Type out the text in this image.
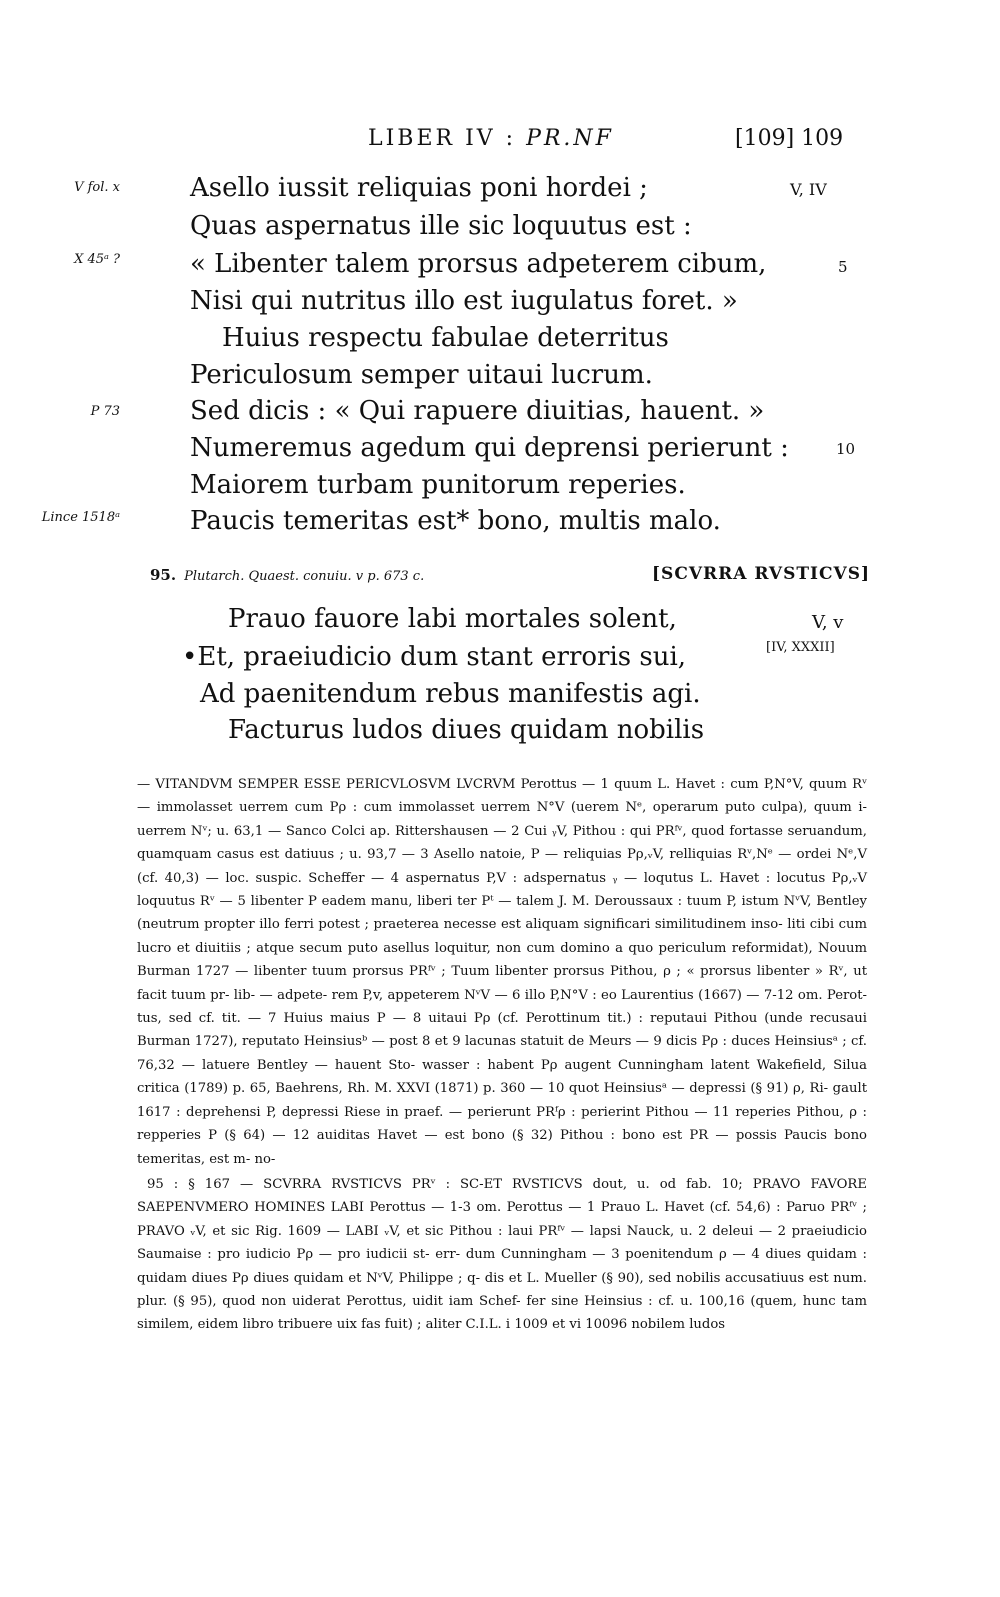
LIBER IV : PR.NF	[109] 109
V fol. x
X 45ᵃ ?
P 73
Lince 1518ᵃ
Asello iussit reliquias poni hordei ;
Quas aspernatus ille sic loquutus est :
« Libenter talem prorsus adpeterem cibum,
Nisi qui nutritus illo est iugulatus foret. »
Huius respectu fabulae deterritus
Periculosum semper uitaui lucrum.
Sed dicis : « Qui rapuere diuitias, hauent. »
Numeremus agedum qui deprensi perierunt :
Maiorem turbam punitorum reperies.
Paucis temeritas est* bono, multis malo.
V, IV
5
10
95. Plutarch. Quaest. conuiu. v p. 673 c.	[SCVRRA RVSTICVS]
Prauo fauore labi mortales solent,
•Et, praeiudicio dum stant erroris sui,
Ad paenitendum rebus manifestis agi.
Facturus ludos diues quidam nobilis
V, v
[IV, XXXII]

— VITANDVM SEMPER ESSE PERICVLOSVM LVCRVM Perottus — 1 quum L. Havet : cum P,N°V, quum Rᵛ — immolasset uerrem cum Pρ : cum immolasset uerrem N°V (uerem Nᵉ, operarum puto culpa), quum i- uerrem Nᵛ; u. 63,1 — Sanco Colci ap. Rittershausen — 2 Cui ᵧV, Pithou : qui PRᶠᵛ, quod fortasse seruandum, quamquam casus est datiuus ; u. 93,7 — 3 Asello natoie, P — reliquias Pρ,ᵥV, relliquias Rᵛ,Nᵉ — ordei Nᵉ,V (cf. 40,3) — loc. suspic. Scheffer — 4 aspernatus P,V : adspernatus ᵧ — loqutus L. Havet : locutus Pρ,ᵥV loquutus Rᵛ — 5 libenter P eadem manu, liberi ter Pᵗ — talem J. M. Deroussaux : tuum P, istum NᵛV, Bentley (neutrum propter illo ferri potest ; praeterea necesse est aliquam significari similitudinem inso- liti cibi cum lucro et diuitiis ; atque secum puto asellus loquitur, non cum domino a quo periculum reformidat), Nouum Burman 1727 — libenter tuum prorsus PRᶠᵛ ; Tuum libenter prorsus Pithou, ρ ; « prorsus libenter » Rᵛ, ut facit tuum pr- lib- — adpete- rem P,v, appeterem NᵛV — 6 illo P,N°V : eo Laurentius (1667) — 7-12 om. Perot- tus, sed cf. tit. — 7 Huius maius P — 8 uitaui Pρ (cf. Perottinum tit.) : reputaui Pithou (unde recusaui Burman 1727), reputato Heinsiusᵇ — post 8 et 9 lacunas statuit de Meurs — 9 dicis Pρ : duces Heinsiusᵃ ; cf. 76,32 — latuere Bentley — hauent Sto- wasser : habent Pρ augent Cunningham latent Wakefield, Silua critica (1789) p. 65, Baehrens, Rh. M. XXVI (1871) p. 360 — 10 quot Heinsiusᵃ — depressi (§ 91) ρ, Ri- gault 1617 : deprehensi P, depressi Riese in praef. — perierunt PRᶠρ : perierint Pithou — 11 reperies Pithou, ρ : repperies P (§ 64) — 12 auiditas Havet — est bono (§ 32) Pithou : bono est PR — possis Paucis bono temeritas, est m- no-

95 : § 167 — SCVRRA RVSTICVS PRᵛ : SC-ET RVSTICVS dout, u. od fab. 10; PRAVO FAVORE SAEPENVMERO HOMINES LABI Perottus — 1-3 om. Perottus — 1 Prauo L. Havet (cf. 54,6) : Paruo PRᶠᵛ ; PRAVO ᵥV, et sic Rig. 1609 — LABI ᵥV, et sic Pithou : laui PRᶠᵛ — lapsi Nauck, u. 2 deleui — 2 praeiudicio Saumaise : pro iudicio Pρ — pro iudicii st- err- dum Cunningham — 3 poenitendum ρ — 4 diues quidam : quidam diues Pρ diues quidam et NᵛV, Philippe ; q- dis et L. Mueller (§ 90), sed nobilis accusatiuus est num. plur. (§ 95), quod non uiderat Perottus, uidit iam Schef- fer sine Heinsius : cf. u. 100,16 (quem, hunc tam similem, eidem libro tribuere uix fas fuit) ; aliter C.I.L. i 1009 et vi 10096 nobilem ludos
